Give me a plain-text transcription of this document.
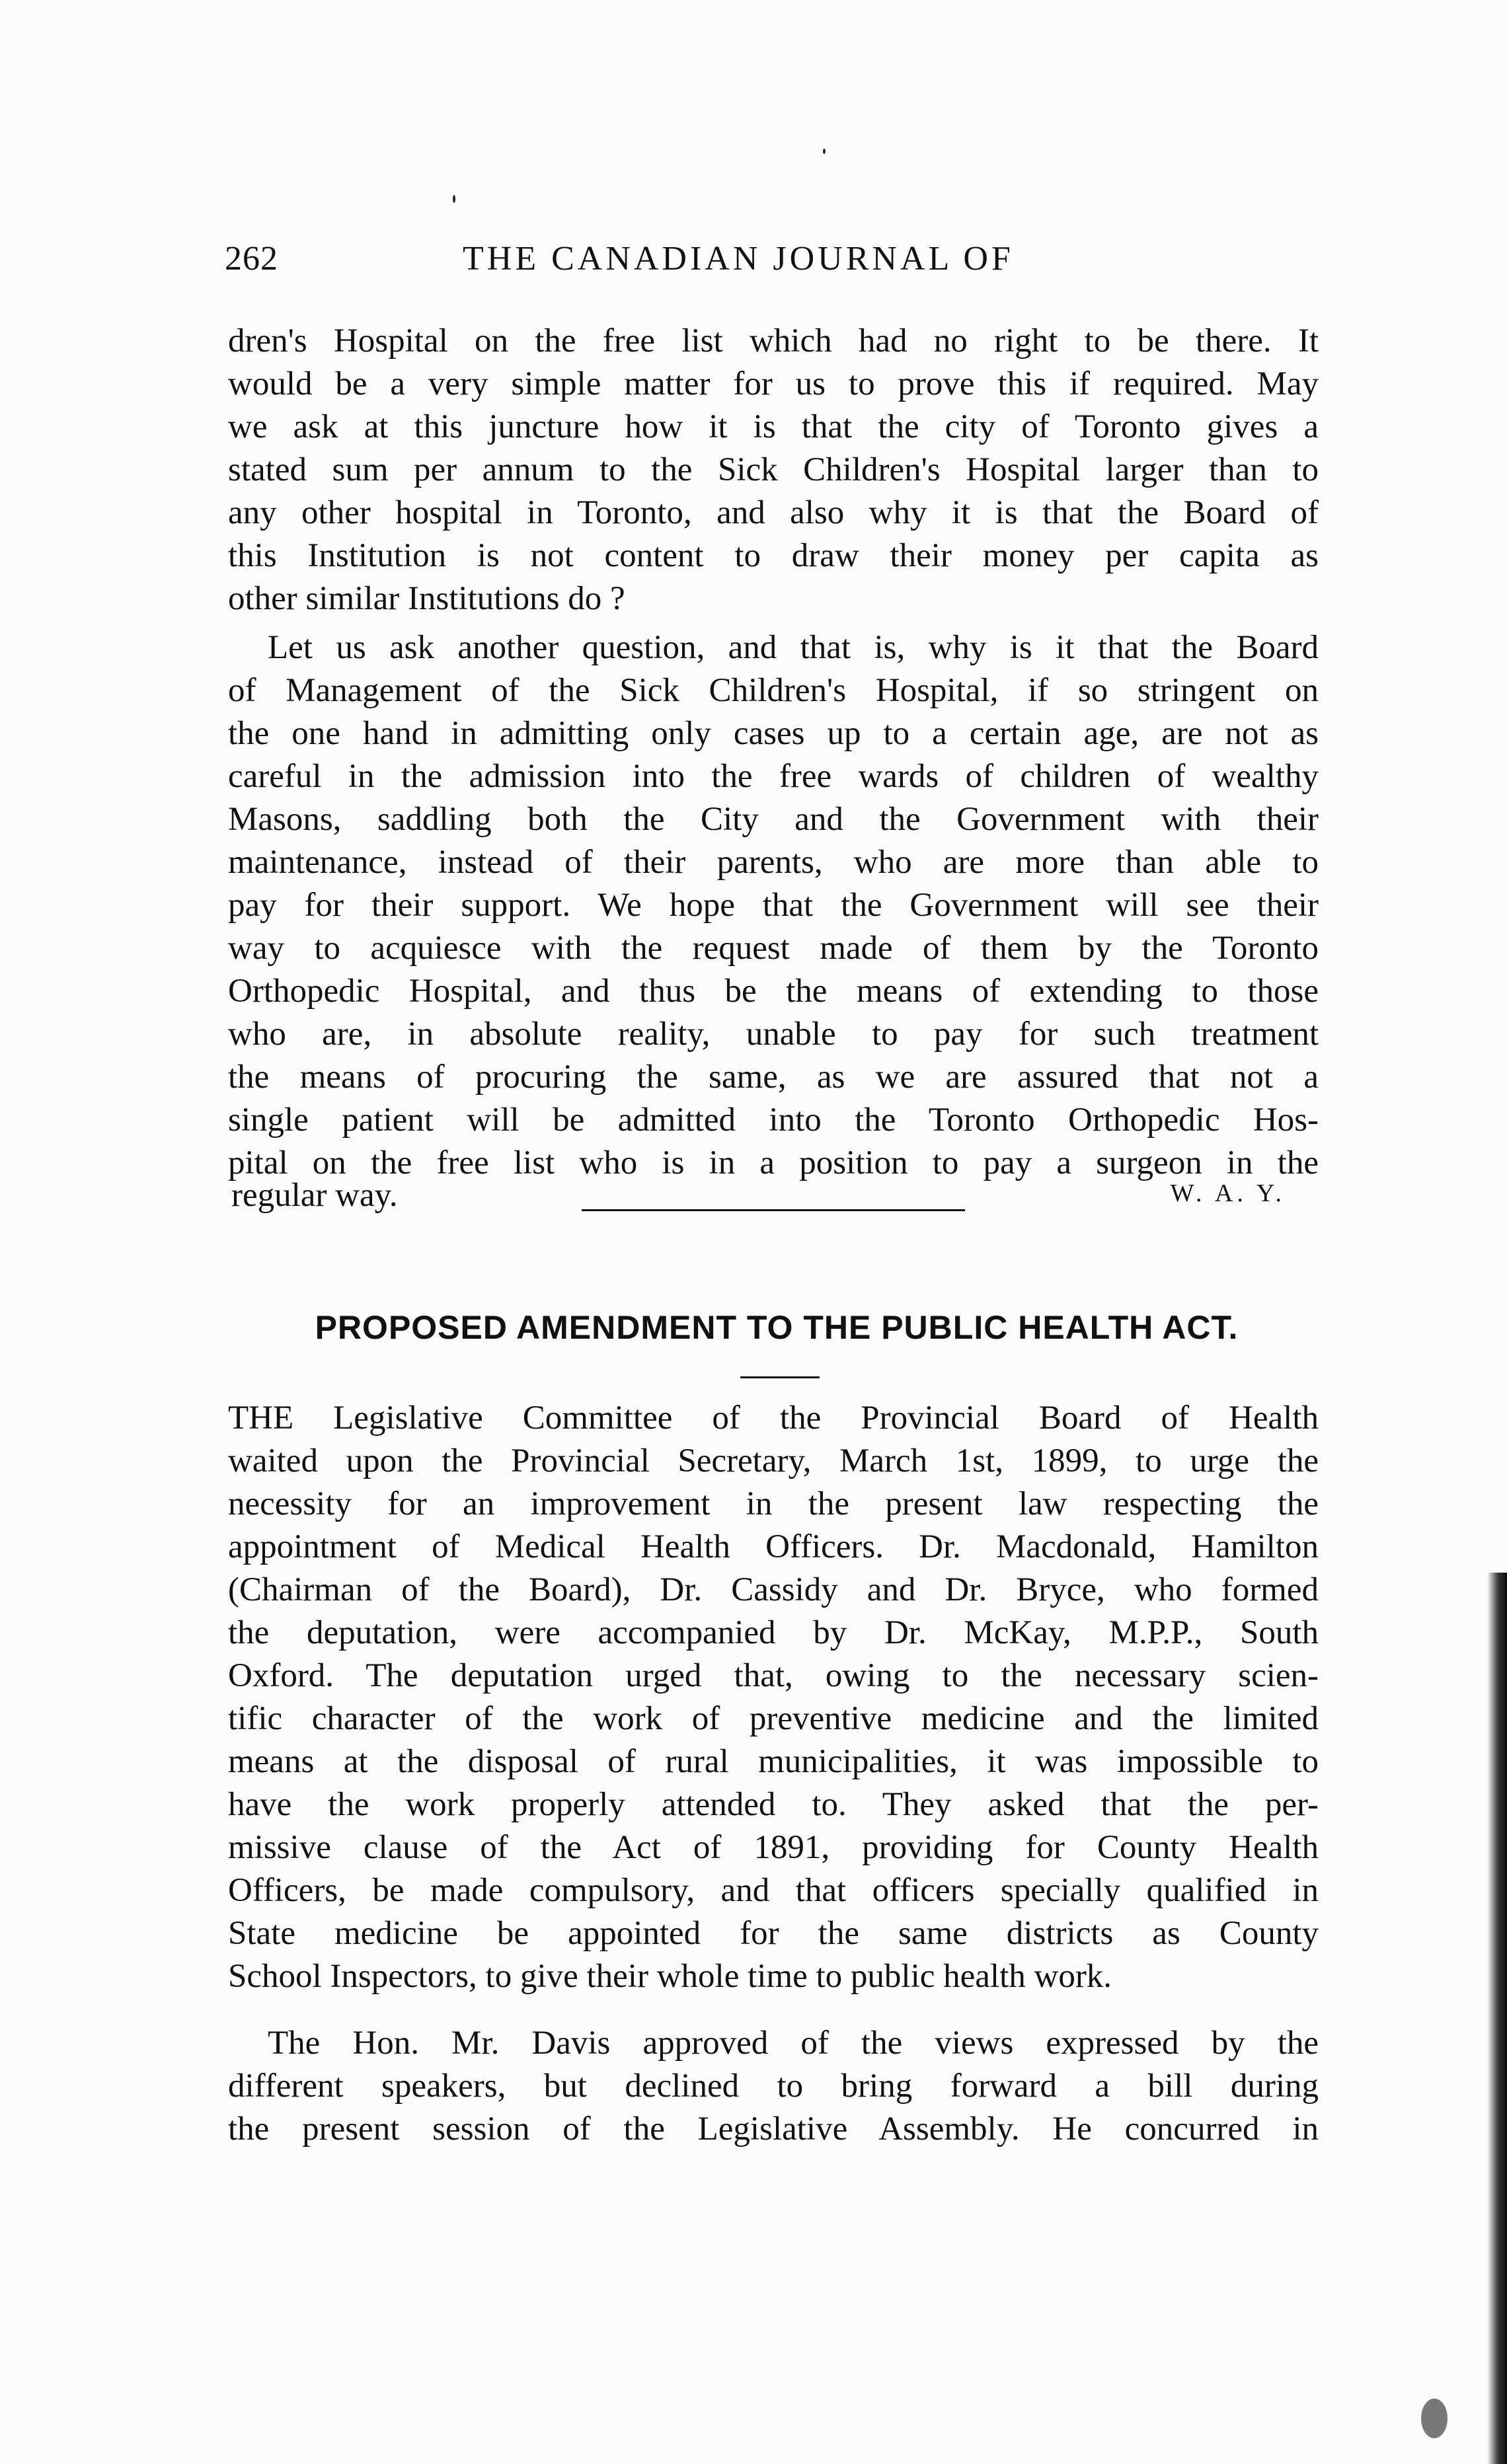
262	THE CANADIAN JOURNAL OF
dren's Hospital on the free list which had no right to be there. It
would be a very simple matter for us to prove this if required. May
we ask at this juncture how it is that the city of Toronto gives a
stated sum per annum to the Sick Children's Hospital larger than to
any other hospital in Toronto, and also why it is that the Board of
this Institution is not content to draw their money per capita as
other similar Institutions do ?
Let us ask another question, and that is, why is it that the Board
of Management of the Sick Children's Hospital, if so stringent on
the one hand in admitting only cases up to a certain age, are not as
careful in the admission into the free wards of children of wealthy
Masons, saddling both the City and the Government with their
maintenance, instead of their parents, who are more than able to
pay for their support. We hope that the Government will see their
way to acquiesce with the request made of them by the Toronto
Orthopedic Hospital, and thus be the means of extending to those
who are, in absolute reality, unable to pay for such treatment
the means of procuring the same, as we are assured that not a
single patient will be admitted into the Toronto Orthopedic Hos-
pital on the free list who is in a position to pay a surgeon in the
regular way.	W. A. Y.
PROPOSED AMENDMENT TO THE PUBLIC HEALTH ACT.
THE Legislative Committee of the Provincial Board of Health
waited upon the Provincial Secretary, March 1st, 1899, to urge the
necessity for an improvement in the present law respecting the
appointment of Medical Health Officers. Dr. Macdonald, Hamilton
(Chairman of the Board), Dr. Cassidy and Dr. Bryce, who formed
the deputation, were accompanied by Dr. McKay, M.P.P., South
Oxford. The deputation urged that, owing to the necessary scien-
tific character of the work of preventive medicine and the limited
means at the disposal of rural municipalities, it was impossible to
have the work properly attended to. They asked that the per-
missive clause of the Act of 1891, providing for County Health
Officers, be made compulsory, and that officers specially qualified in
State medicine be appointed for the same districts as County
School Inspectors, to give their whole time to public health work.
The Hon. Mr. Davis approved of the views expressed by the
different speakers, but declined to bring forward a bill during
the present session of the Legislative Assembly. He concurred in
